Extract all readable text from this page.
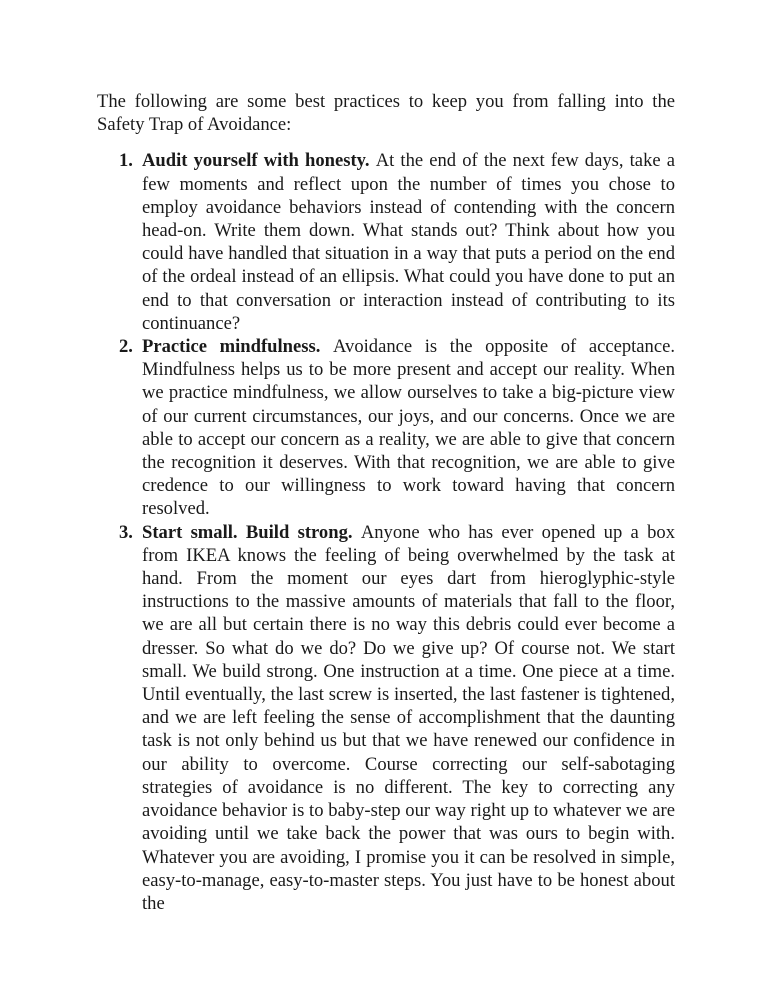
The following are some best practices to keep you from falling into the Safety Trap of Avoidance:

1. Audit yourself with honesty. At the end of the next few days, take a few moments and reflect upon the number of times you chose to employ avoidance behaviors instead of contending with the concern head-on. Write them down. What stands out? Think about how you could have handled that situation in a way that puts a period on the end of the ordeal instead of an ellipsis. What could you have done to put an end to that conversation or interaction instead of contributing to its continuance?
2. Practice mindfulness. Avoidance is the opposite of acceptance. Mindfulness helps us to be more present and accept our reality. When we practice mindfulness, we allow ourselves to take a big-picture view of our current circumstances, our joys, and our concerns. Once we are able to accept our concern as a reality, we are able to give that concern the recognition it deserves. With that recognition, we are able to give credence to our willingness to work toward having that concern resolved.
3. Start small. Build strong. Anyone who has ever opened up a box from IKEA knows the feeling of being overwhelmed by the task at hand. From the moment our eyes dart from hieroglyphic-style instructions to the massive amounts of materials that fall to the floor, we are all but certain there is no way this debris could ever become a dresser. So what do we do? Do we give up? Of course not. We start small. We build strong. One instruction at a time. One piece at a time. Until eventually, the last screw is inserted, the last fastener is tightened, and we are left feeling the sense of accomplishment that the daunting task is not only behind us but that we have renewed our confidence in our ability to overcome. Course correcting our self-sabotaging strategies of avoidance is no different. The key to correcting any avoidance behavior is to baby-step our way right up to whatever we are avoiding until we take back the power that was ours to begin with. Whatever you are avoiding, I promise you it can be resolved in simple, easy-to-manage, easy-to-master steps. You just have to be honest about the
